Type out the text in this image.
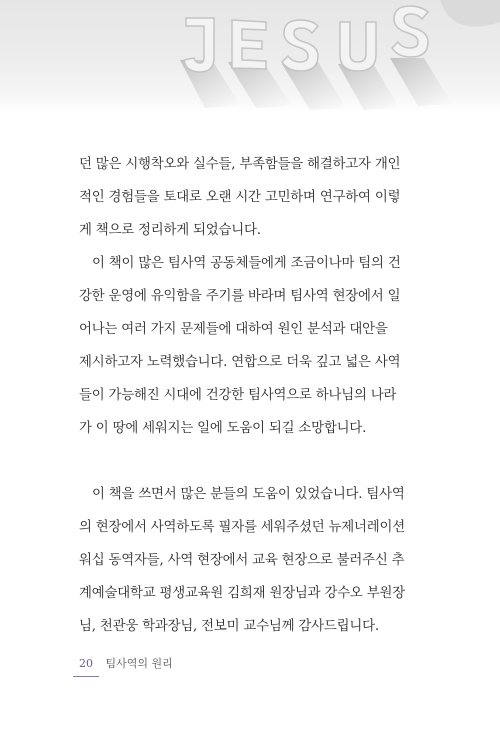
던 많은 시행착오와 실수들, 부족함들을 해결하고자 개인
적인 경험들을 토대로 오랜 시간 고민하며 연구하여 이렇
게 책으로 정리하게 되었습니다.
이 책이 많은 팀사역 공동체들에게 조금이나마 팀의 건
강한 운영에 유익함을 주기를 바라며 팀사역 현장에서 일
어나는 여러 가지 문제들에 대하여 원인 분석과 대안을
제시하고자 노력했습니다. 연합으로 더욱 깊고 넓은 사역
들이 가능해진 시대에 건강한 팀사역으로 하나님의 나라
가 이 땅에 세워지는 일에 도움이 되길 소망합니다.
이 책을 쓰면서 많은 분들의 도움이 있었습니다. 팀사역
의 현장에서 사역하도록 필자를 세워주셨던 뉴제너레이션
워십 동역자들, 사역 현장에서 교육 현장으로 불러주신 추
계예술대학교 평생교육원 김희재 원장님과 강수오 부원장
님, 천관웅 학과장님, 전보미 교수님께 감사드립니다.
20 팀사역의 원리
